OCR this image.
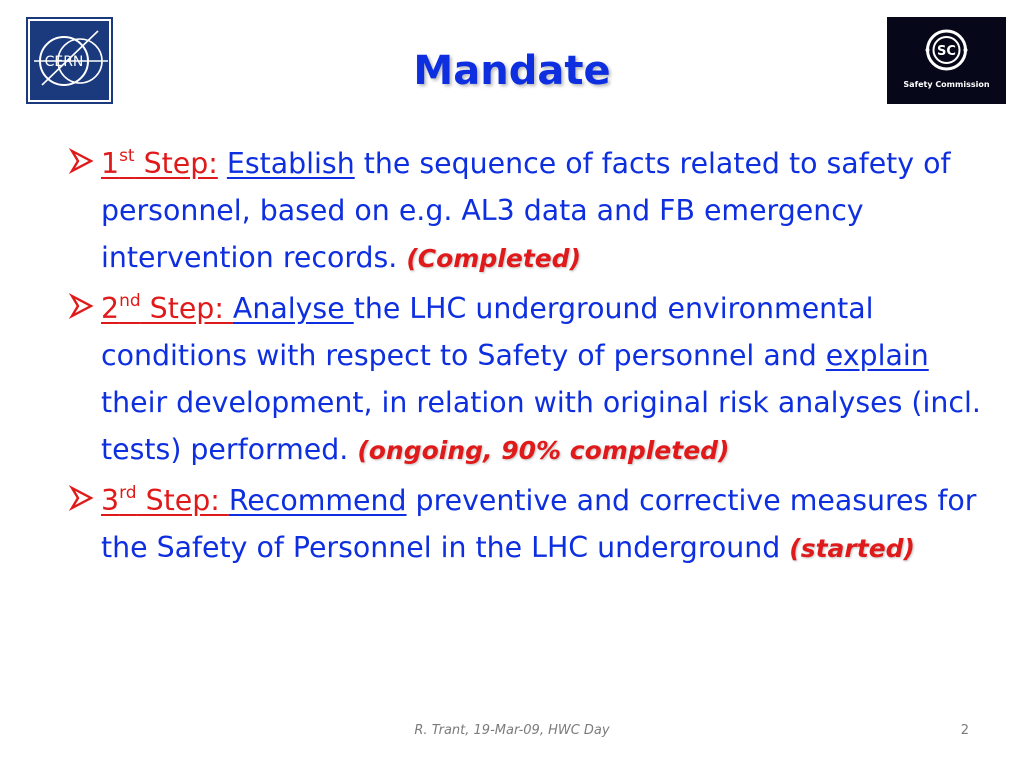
CERN
SC
Safety Commission
Mandate
1st Step: Establish the sequence of facts related to safety of personnel, based on e.g. AL3 data and FB emergency intervention records. (Completed)
2nd Step: Analyse the LHC underground environmental conditions with respect to Safety of personnel and explain their development, in relation with original risk analyses (incl. tests) performed. (ongoing, 90% completed)
3rd Step: Recommend preventive and corrective measures for the Safety of Personnel in the LHC underground (started)
R. Trant, 19-Mar-09, HWC Day	2
